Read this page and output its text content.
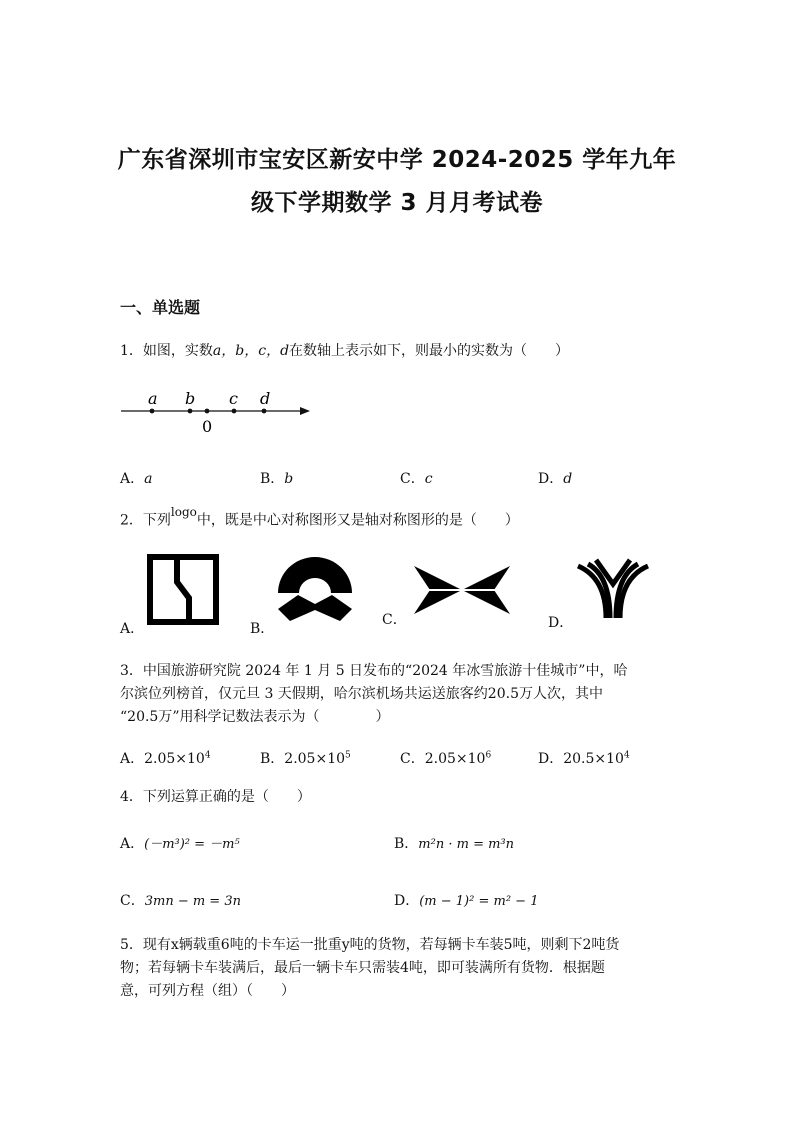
广东省深圳市宝安区新安中学 2024-2025 学年九年
级下学期数学 3 月月考试卷
一、单选题
1．如图，实数a，b，c，d在数轴上表示如下，则最小的实数为（　　）
a b c d
0
A．a	B．b	C．c	D．d
2．下列$^{logo}$中，既是中心对称图形又是轴对称图形的是（　　）
A．	B．
C．	D．
3．中国旅游研究院 2024 年 1 月 5 日发布的“2024 年冰雪旅游十佳城市”中，哈
尔滨位列榜首，仅元旦 3 天假期，哈尔滨机场共运送旅客约20.5万人次，其中
“20.5万”用科学记数法表示为（　　　　）
A．$2.05\times 10^4$	B．$2.05\times 10^5$	C．$2.05\times 10^6$	D．$20.5\times 10^4$
4．下列运算正确的是（　　）
A．(－m³)² = －m⁵	B．m²n · m = m³n
C．3mn − m = 3n	D．(m − 1)² = m² − 1
5．现有x辆载重6吨的卡车运一批重y吨的货物，若每辆卡车装5吨，则剩下2吨货
物；若每辆卡车装满后，最后一辆卡车只需装4吨，即可装满所有货物．根据题
意，可列方程（组）（　　）
